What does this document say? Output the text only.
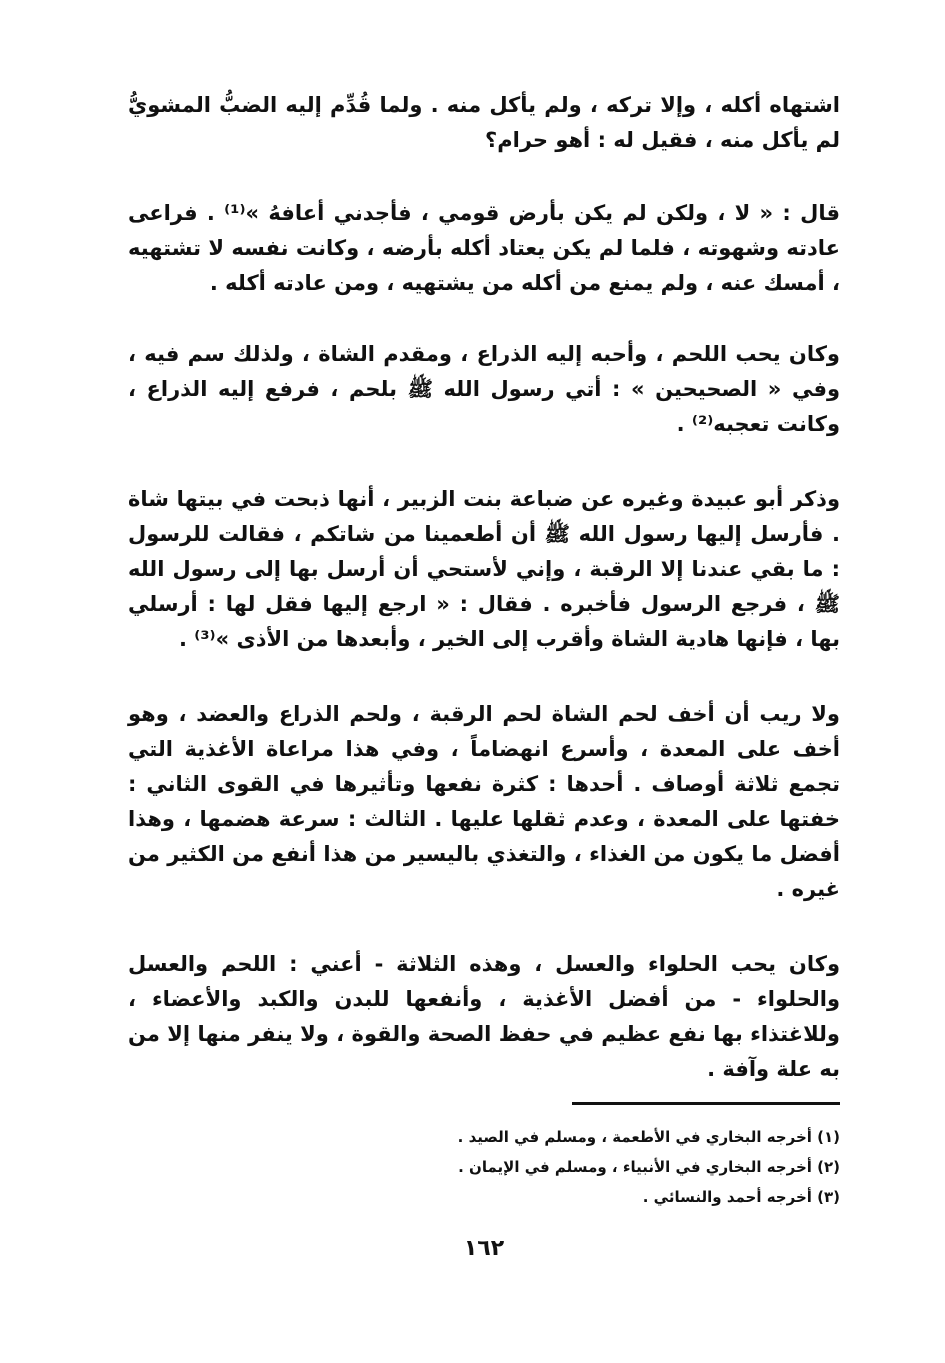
اشتهاه أكله ، وإلا تركه ، ولم يأكل منه . ولما قُدِّم إليه الضبُّ المشويُّ لم يأكل منه ، فقيل له : أهو حرام؟

قال : « لا ، ولكن لم يكن بأرض قومي ، فأجدني أعافهُ »⁽¹⁾ . فراعى عادته وشهوته ، فلما لم يكن يعتاد أكله بأرضه ، وكانت نفسه لا تشتهيه ، أمسك عنه ، ولم يمنع من أكله من يشتهيه ، ومن عادته أكله .

وكان يحب اللحم ، وأحبه إليه الذراع ، ومقدم الشاة ، ولذلك سم فيه ، وفي « الصحيحين » : أتي رسول الله ﷺ بلحم ، فرفع إليه الذراع ، وكانت تعجبه⁽²⁾ .

وذكر أبو عبيدة وغيره عن ضباعة بنت الزبير ، أنها ذبحت في بيتها شاة . فأرسل إليها رسول الله ﷺ أن أطعمينا من شاتكم ، فقالت للرسول : ما بقي عندنا إلا الرقبة ، وإني لأستحي أن أرسل بها إلى رسول الله ﷺ ، فرجع الرسول فأخبره . فقال : « ارجع إليها فقل لها : أرسلي بها ، فإنها هادية الشاة وأقرب إلى الخير ، وأبعدها من الأذى »⁽³⁾ .

ولا ريب أن أخف لحم الشاة لحم الرقبة ، ولحم الذراع والعضد ، وهو أخف على المعدة ، وأسرع انهضاماً ، وفي هذا مراعاة الأغذية التي تجمع ثلاثة أوصاف . أحدها : كثرة نفعها وتأثيرها في القوى الثاني : خفتها على المعدة ، وعدم ثقلها عليها . الثالث : سرعة هضمها ، وهذا أفضل ما يكون من الغذاء ، والتغذي باليسير من هذا أنفع من الكثير من غيره .

وكان يحب الحلواء والعسل ، وهذه الثلاثة - أعني : اللحم والعسل والحلواء - من أفضل الأغذية ، وأنفعها للبدن والكبد والأعضاء ، وللاغتذاء بها نفع عظيم في حفظ الصحة والقوة ، ولا ينفر منها إلا من به علة وآفة .

(١) أخرجه البخاري في الأطعمة ، ومسلم في الصيد .

(٢) أخرجه البخاري في الأنبياء ، ومسلم في الإيمان .

(٣) أخرجه أحمد والنسائي .

١٦٢
